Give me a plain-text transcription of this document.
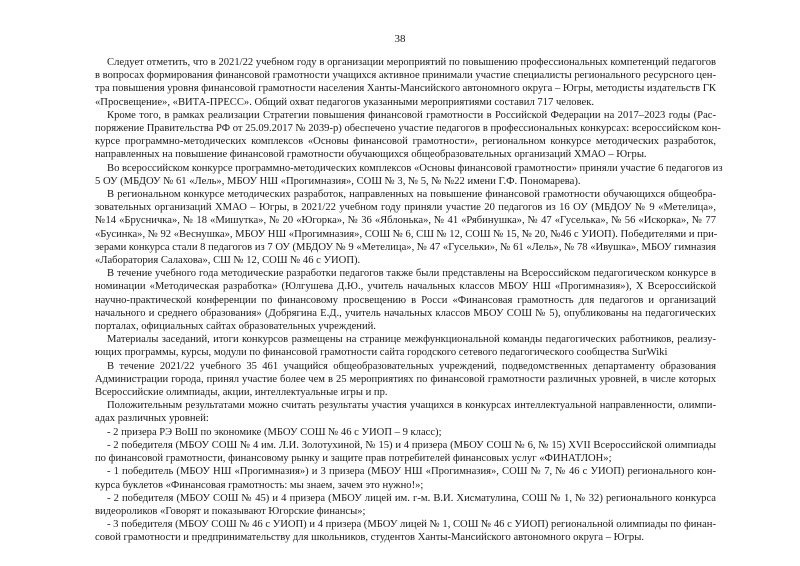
38
Следует отметить, что в 2021/22 учебном году в организации мероприятий по повышению профессиональных компетенций педагогов
в вопросах формирования финансовой грамотности учащихся активное принимали участие специалисты регионального ресурсного цен-
тра повышения уровня финансовой грамотности населения Ханты-Мансийского автономного округа – Югры, методисты издательств ГК
«Просвещение», «ВИТА-ПРЕСС». Общий охват педагогов указанными мероприятиями составил 717 человек.
Кроме того, в рамках реализации Стратегии повышения финансовой грамотности в Российской Федерации на 2017–2023 годы (Рас-
поряжение Правительства РФ от 25.09.2017 № 2039-р) обеспечено участие педагогов в профессиональных конкурсах: всероссийском кон-
курсе программно-методических комплексов «Основы финансовой грамотности», региональном конкурсе методических разработок,
направленных на повышение финансовой грамотности обучающихся общеобразовательных организаций ХМАО – Югры.
Во всероссийском конкурсе программно-методических комплексов «Основы финансовой грамотности» приняли участие 6 педагогов из
5 ОУ (МБДОУ № 61 «Лель», МБОУ НШ «Прогимназия», СОШ № 3, № 5, № №22 имени Г.Ф. Пономарева).
В региональном конкурсе методических разработок, направленных на повышение финансовой грамотности обучающихся общеобра-
зовательных организаций ХМАО – Югры, в 2021/22 учебном году приняли участие 20 педагогов из 16 ОУ (МБДОУ № 9 «Метелица»,
№14 «Брусничка», № 18 «Мишутка», № 20 «Югорка», № 36 «Яблонька», № 41 «Рябинушка», № 47 «Гуселька», № 56 «Искорка», № 77
«Бусинка», № 92 «Веснушка», МБОУ НШ «Прогимназия», СОШ № 6, СШ № 12, СОШ № 15, № 20, №46 с УИОП). Победителями и при-
зерами конкурса стали 8 педагогов из 7 ОУ (МБДОУ № 9 «Метелица», № 47 «Гусельки», № 61 «Лель», № 78 «Ивушка», МБОУ гимназия
«Лаборатория Салахова», СШ № 12, СОШ № 46 с УИОП).
В течение учебного года методические разработки педагогов также были представлены на Всероссийском педагогическом конкурсе в
номинации «Методическая разработка» (Юлгушева Д.Ю., учитель начальных классов МБОУ НШ «Прогимназия»), X Всероссийской
научно-практической конференции по финансовому просвещению в Росси «Финансовая грамотность для педагогов и организаций
начального и среднего образования» (Добрягина Е.Д., учитель начальных классов МБОУ СОШ № 5), опубликованы на педагогических
порталах, официальных сайтах образовательных учреждений.
Материалы заседаний, итоги конкурсов размещены на странице межфункциональной команды педагогических работников, реализу-
ющих программы, курсы, модули по финансовой грамотности сайта городского сетевого педагогического сообщества SurWiki
В течение 2021/22 учебного 35 461 учащийся общеобразовательных учреждений, подведомственных департаменту образования
Администрации города, принял участие более чем в 25 мероприятиях по финансовой грамотности различных уровней, в числе которых
Всероссийские олимпиады, акции, интеллектуальные игры и пр.
Положительным результатами можно считать результаты участия учащихся в конкурсах интеллектуальной направленности, олимпи-
адах различных уровней:
- 2 призера РЭ ВоШ по экономике (МБОУ СОШ № 46 с УИОП – 9 класс);
- 2 победителя (МБОУ СОШ № 4 им. Л.И. Золотухиной, № 15) и 4 призера (МБОУ СОШ № 6, № 15) XVII Всероссийской олимпиады
по финансовой грамотности, финансовому рынку и защите прав потребителей финансовых услуг «ФИНАТЛОН»;
- 1 победитель (МБОУ НШ «Прогимназия») и 3 призера (МБОУ НШ «Прогимназия», СОШ № 7, № 46 с УИОП) регионального кон-
курса буклетов «Финансовая грамотность: мы знаем, зачем это нужно!»;
- 2 победителя (МБОУ СОШ № 45) и 4 призера (МБОУ лицей им. г-м. В.И. Хисматулина, СОШ № 1, № 32) регионального конкурса
видеороликов «Говорят и показывают Югорские финансы»;
- 3 победителя (МБОУ СОШ № 46 с УИОП) и 4 призера (МБОУ лицей № 1, СОШ № 46 с УИОП) региональной олимпиады по финан-
совой грамотности и предпринимательству для школьников, студентов Ханты-Мансийского автономного округа – Югры.
